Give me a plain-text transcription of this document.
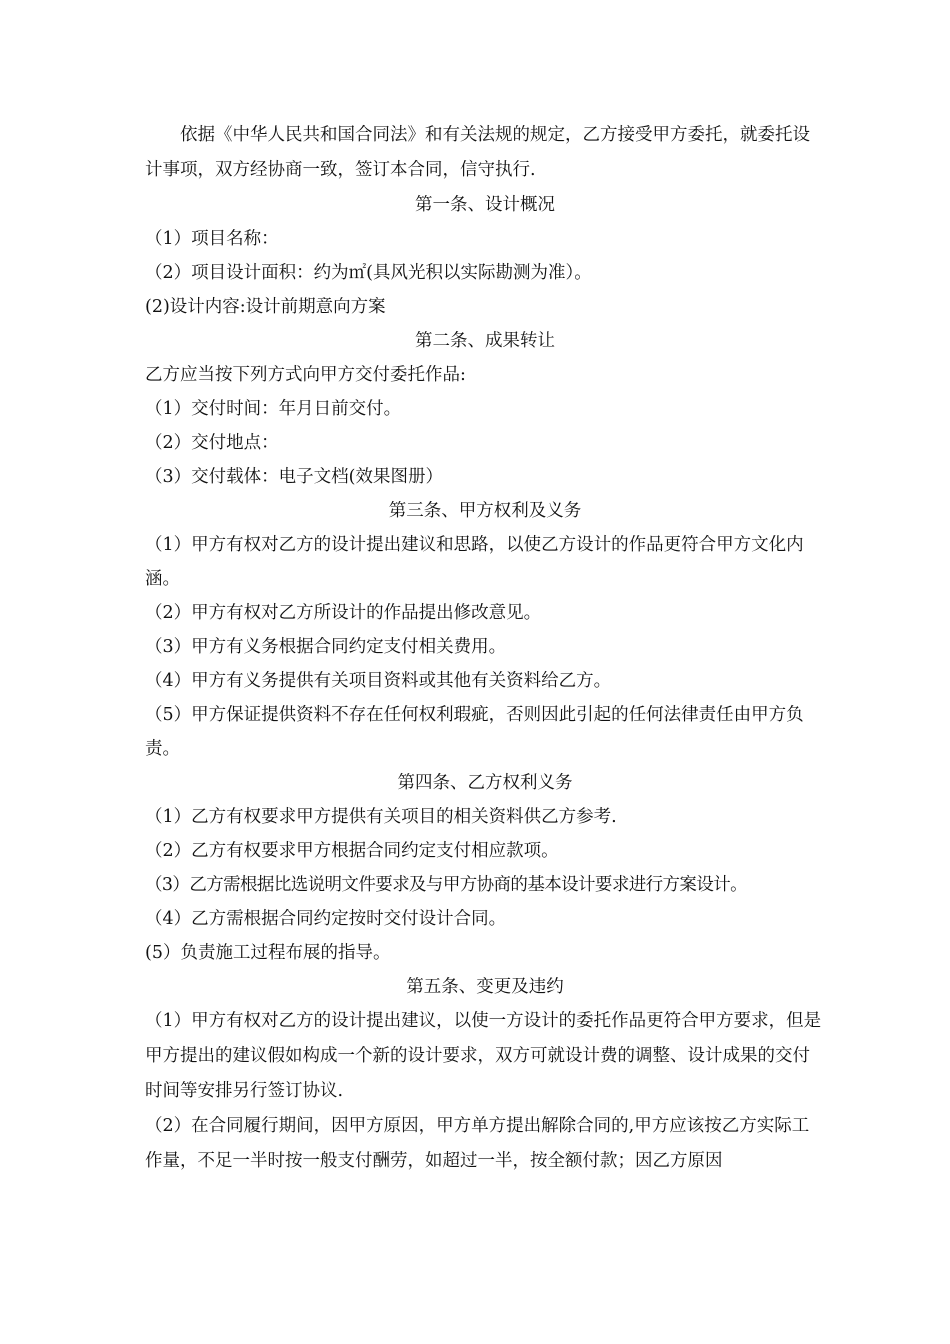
依据《中华人民共和国合同法》和有关法规的规定，乙方接受甲方委托，就委托设计事项，双方经协商一致，签订本合同，信守执行.

第一条、设计概况
（1）项目名称：
（2）项目设计面积：约为㎡(具风光积以实际勘测为准）。
(2)设计内容:设计前期意向方案
第二条、成果转让
乙方应当按下列方式向甲方交付委托作品:
（1）交付时间：年月日前交付。
（2）交付地点：
（3）交付载体：电子文档(效果图册）
第三条、甲方权利及义务
（1）甲方有权对乙方的设计提出建议和思路，以使乙方设计的作品更符合甲方文化内涵。
（2）甲方有权对乙方所设计的作品提出修改意见。
（3）甲方有义务根据合同约定支付相关费用。
（4）甲方有义务提供有关项目资料或其他有关资料给乙方。
（5）甲方保证提供资料不存在任何权利瑕疵，否则因此引起的任何法律责任由甲方负责。
第四条、乙方权利义务
（1）乙方有权要求甲方提供有关项目的相关资料供乙方参考.
（2）乙方有权要求甲方根据合同约定支付相应款项。
（3）乙方需根据比选说明文件要求及与甲方协商的基本设计要求进行方案设计。
（4）乙方需根据合同约定按时交付设计合同。
(5）负责施工过程布展的指导。
第五条、变更及违约
（1）甲方有权对乙方的设计提出建议，以使一方设计的委托作品更符合甲方要求，但是甲方提出的建议假如构成一个新的设计要求，双方可就设计费的调整、设计成果的交付时间等安排另行签订协议.
（2）在合同履行期间，因甲方原因，甲方单方提出解除合同的,甲方应该按乙方实际工作量，不足一半时按一般支付酬劳，如超过一半，按全额付款；因乙方原因
